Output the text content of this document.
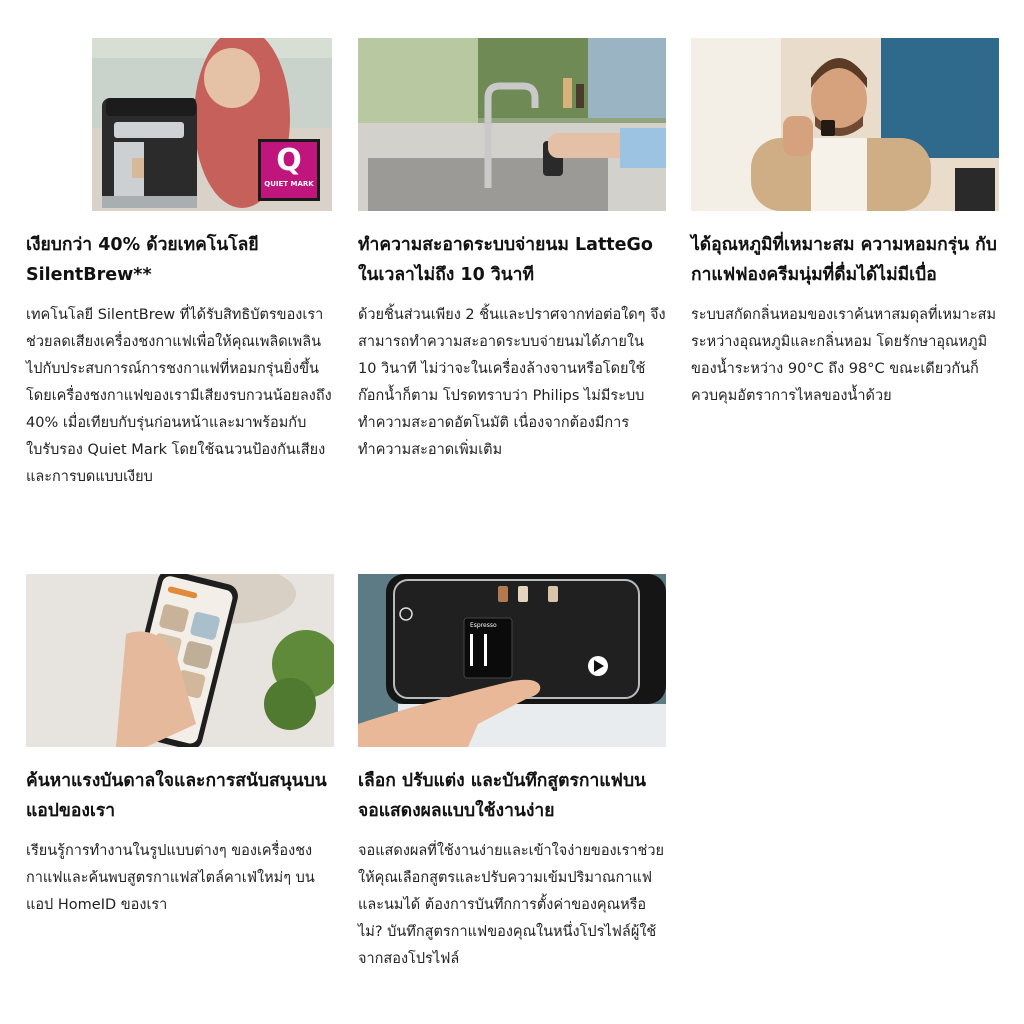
Q
QUIET MARK
เงียบกว่า 40% ด้วยเทคโนโลยี SilentBrew**

เทคโนโลยี SilentBrew ที่ได้รับสิทธิบัตรของเราช่วยลดเสียงเครื่องชงกาแฟเพื่อให้คุณเพลิดเพลินไปกับประสบการณ์การชงกาแฟที่หอมกรุ่นยิ่งขึ้น โดยเครื่องชงกาแฟของเรามีเสียงรบกวนน้อยลงถึง 40% เมื่อเทียบกับรุ่นก่อนหน้าและมาพร้อมกับใบรับรอง Quiet Mark โดยใช้ฉนวนป้องกันเสียงและการบดแบบเงียบ

ทำความสะอาดระบบจ่ายนม LatteGo ในเวลาไม่ถึง 10 วินาที

ด้วยชิ้นส่วนเพียง 2 ชิ้นและปราศจากท่อต่อใดๆ จึงสามารถทำความสะอาดระบบจ่ายนมได้ภายใน 10 วินาที ไม่ว่าจะในเครื่องล้างจานหรือโดยใช้ก๊อกน้ำก็ตาม โปรดทราบว่า Philips ไม่มีระบบทำความสะอาดอัตโนมัติ เนื่องจากต้องมีการทำความสะอาดเพิ่มเติม

ได้อุณหภูมิที่เหมาะสม ความหอมกรุ่น กับกาแฟฟองครีมนุ่มที่ดื่มได้ไม่มีเบื่อ

ระบบสกัดกลิ่นหอมของเราค้นหาสมดุลที่เหมาะสมระหว่างอุณหภูมิและกลิ่นหอม โดยรักษาอุณหภูมิของน้ำระหว่าง 90°C ถึง 98°C ขณะเดียวกันก็ควบคุมอัตราการไหลของน้ำด้วย

ค้นหาแรงบันดาลใจและการสนับสนุนบนแอปของเรา

เรียนรู้การทำงานในรูปแบบต่างๆ ของเครื่องชงกาแฟและค้นพบสูตรกาแฟสไตล์คาเฟ่ใหม่ๆ บนแอป HomeID ของเรา

Espresso
เลือก ปรับแต่ง และบันทึกสูตรกาแฟบนจอแสดงผลแบบใช้งานง่าย

จอแสดงผลที่ใช้งานง่ายและเข้าใจง่ายของเราช่วยให้คุณเลือกสูตรและปรับความเข้มปริมาณกาแฟและนมได้ ต้องการบันทึกการตั้งค่าของคุณหรือไม่? บันทึกสูตรกาแฟของคุณในหนึ่งโปรไฟล์ผู้ใช้จากสองโปรไฟล์
